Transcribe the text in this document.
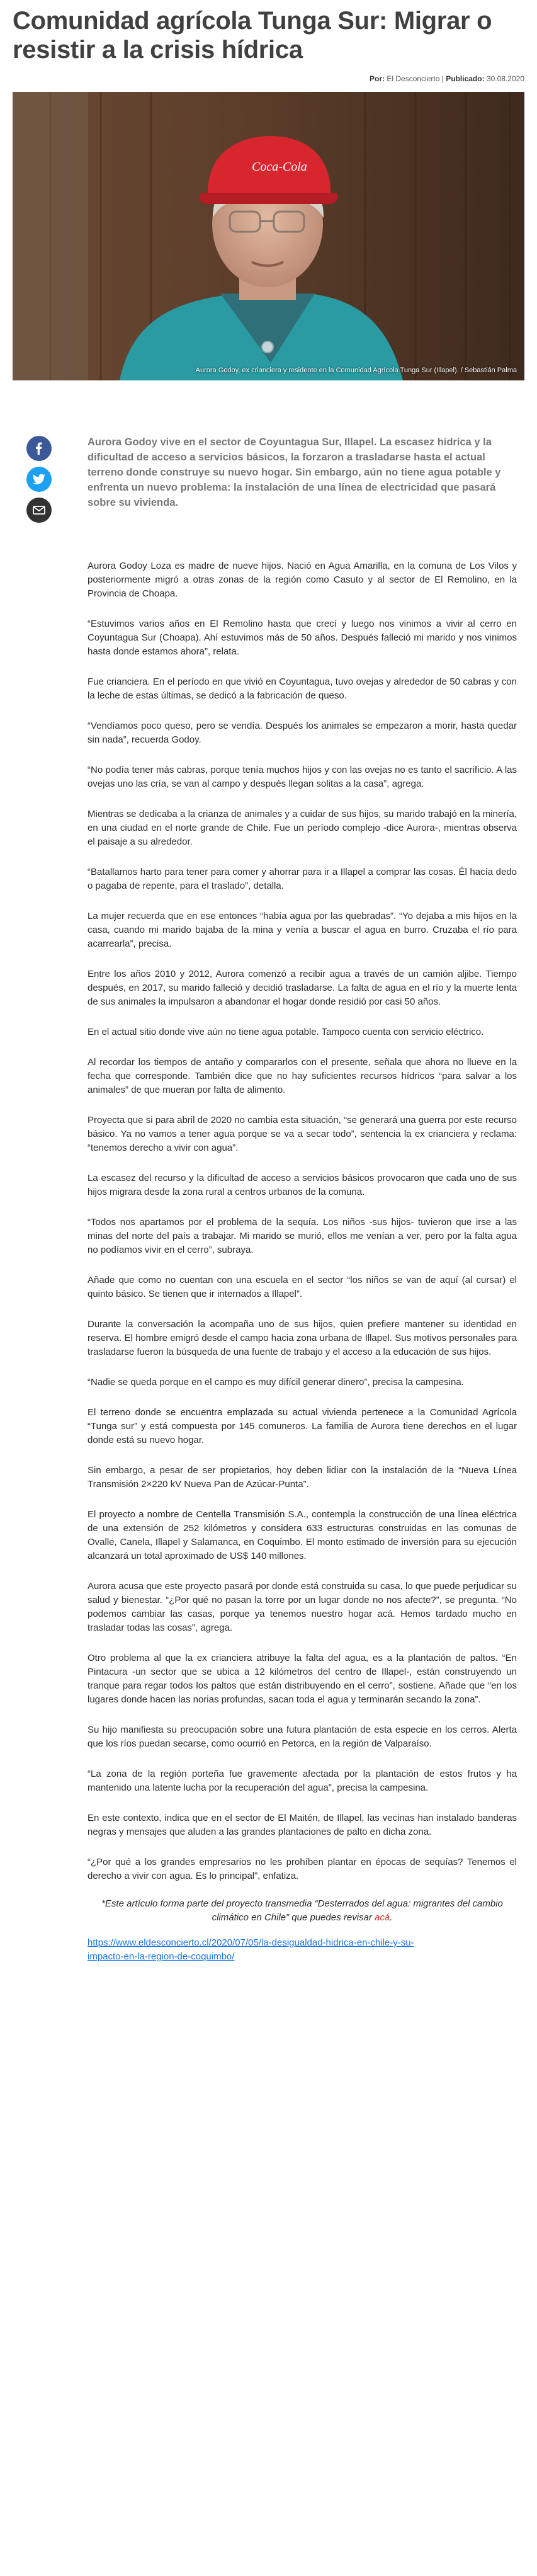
Comunidad agrícola Tunga Sur: Migrar o resistir a la crisis hídrica
Por: El Desconcierto | Publicado: 30.08.2020
Coca-Cola
Aurora Godoy, ex crianciera y residente en la Comunidad Agrícola Tunga Sur (Illapel). / Sebastián Palma

Aurora Godoy vive en el sector de Coyuntagua Sur, Illapel. La escasez hídrica y la dificultad de acceso a servicios básicos, la forzaron a trasladarse hasta el actual terreno donde construye su nuevo hogar. Sin embargo, aún no tiene agua potable y enfrenta un nuevo problema: la instalación de una línea de electricidad que pasará sobre su vivienda.

Aurora Godoy Loza es madre de nueve hijos. Nació en Agua Amarilla, en la comuna de Los Vilos y posteriormente migró a otras zonas de la región como Casuto y al sector de El Remolino, en la Provincia de Choapa.

“Estuvimos varios años en El Remolino hasta que crecí y luego nos vinimos a vivir al cerro en Coyuntagua Sur (Choapa). Ahí estuvimos más de 50 años. Después falleció mi marido y nos vinimos hasta donde estamos ahora”, relata.

Fue crianciera. En el período en que vivió en Coyuntagua, tuvo ovejas y alrededor de 50 cabras y con la leche de estas últimas, se dedicó a la fabricación de queso.

“Vendíamos poco queso, pero se vendía. Después los animales se empezaron a morir, hasta quedar sin nada”, recuerda Godoy.

“No podía tener más cabras, porque tenía muchos hijos y con las ovejas no es tanto el sacrificio. A las ovejas uno las cría, se van al campo y después llegan solitas a la casa”, agrega.

Mientras se dedicaba a la crianza de animales y a cuidar de sus hijos, su marido trabajó en la minería, en una ciudad en el norte grande de Chile. Fue un período complejo -dice Aurora-, mientras observa el paisaje a su alrededor.

“Batallamos harto para tener para comer y ahorrar para ir a Illapel a comprar las cosas. Él hacía dedo o pagaba de repente, para el traslado”, detalla.

La mujer recuerda que en ese entonces “había agua por las quebradas”. “Yo dejaba a mis hijos en la casa, cuando mi marido bajaba de la mina y venía a buscar el agua en burro. Cruzaba el río para acarrearla”, precisa.

Entre los años 2010 y 2012, Aurora comenzó a recibir agua a través de un camión aljibe. Tiempo después, en 2017, su marido falleció y decidió trasladarse. La falta de agua en el río y la muerte lenta de sus animales la impulsaron a abandonar el hogar donde residió por casi 50 años.

En el actual sitio donde vive aún no tiene agua potable. Tampoco cuenta con servicio eléctrico.

Al recordar los tiempos de antaño y compararlos con el presente, señala que ahora no llueve en la fecha que corresponde. También dice que no hay suficientes recursos hídricos “para salvar a los animales” de que mueran por falta de alimento.

Proyecta que si para abril de 2020 no cambia esta situación, “se generará una guerra por este recurso básico. Ya no vamos a tener agua porque se va a secar todo”, sentencia la ex crianciera y reclama: “tenemos derecho a vivir con agua”.

La escasez del recurso y la dificultad de acceso a servicios básicos provocaron que cada uno de sus hijos migrara desde la zona rural a centros urbanos de la comuna.

“Todos nos apartamos por el problema de la sequía. Los niños -sus hijos- tuvieron que irse a las minas del norte del país a trabajar. Mi marido se murió, ellos me venían a ver, pero por la falta agua no podíamos vivir en el cerro”, subraya.

Añade que como no cuentan con una escuela en el sector “los niños se van de aquí (al cursar) el quinto básico. Se tienen que ir internados a Illapel”.

Durante la conversación la acompaña uno de sus hijos, quien prefiere mantener su identidad en reserva. El hombre emigró desde el campo hacia zona urbana de Illapel. Sus motivos personales para trasladarse fueron la búsqueda de una fuente de trabajo y el acceso a la educación de sus hijos.

“Nadie se queda porque en el campo es muy difícil generar dinero”, precisa la campesina.

El terreno donde se encuentra emplazada su actual vivienda pertenece a la Comunidad Agrícola “Tunga sur” y está compuesta por 145 comuneros. La familia de Aurora tiene derechos en el lugar donde está su nuevo hogar.

Sin embargo, a pesar de ser propietarios, hoy deben lidiar con la instalación de la “Nueva Línea Transmisión 2×220 kV Nueva Pan de Azúcar-Punta”.

El proyecto a nombre de Centella Transmisión S.A., contempla la construcción de una línea eléctrica de una extensión de 252 kilómetros y considera 633 estructuras construidas en las comunas de Ovalle, Canela, Illapel y Salamanca, en Coquimbo. El monto estimado de inversión para su ejecución alcanzará un total aproximado de US$ 140 millones.

Aurora acusa que este proyecto pasará por donde está construida su casa, lo que puede perjudicar su salud y bienestar. “¿Por qué no pasan la torre por un lugar donde no nos afecte?”, se pregunta. “No podemos cambiar las casas, porque ya tenemos nuestro hogar acá. Hemos tardado mucho en trasladar todas las cosas”, agrega.

Otro problema al que la ex crianciera atribuye la falta del agua, es a la plantación de paltos. “En Pintacura -un sector que se ubica a 12 kilómetros del centro de Illapel-, están construyendo un tranque para regar todos los paltos que están distribuyendo en el cerro”, sostiene. Añade que “en los lugares donde hacen las norias profundas, sacan toda el agua y terminarán secando la zona”.

Su hijo manifiesta su preocupación sobre una futura plantación de esta especie en los cerros. Alerta que los ríos puedan secarse, como ocurrió en Petorca, en la región de Valparaíso.

“La zona de la región porteña fue gravemente afectada por la plantación de estos frutos y ha mantenido una latente lucha por la recuperación del agua”, precisa la campesina.

En este contexto, indica que en el sector de El Maitén, de Illapel, las vecinas han instalado banderas negras y mensajes que aluden a las grandes plantaciones de palto en dicha zona.

“¿Por qué a los grandes empresarios no les prohíben plantar en épocas de sequías? Tenemos el derecho a vivir con agua. Es lo principal”, enfatiza.

*Este artículo forma parte del proyecto transmedia “Desterrados del agua: migrantes del cambio climático en Chile” que puedes revisar acá.
https://www.eldesconcierto.cl/2020/07/05/la-desigualdad-hidrica-en-chile-y-su-impacto-en-la-region-de-coquimbo/
